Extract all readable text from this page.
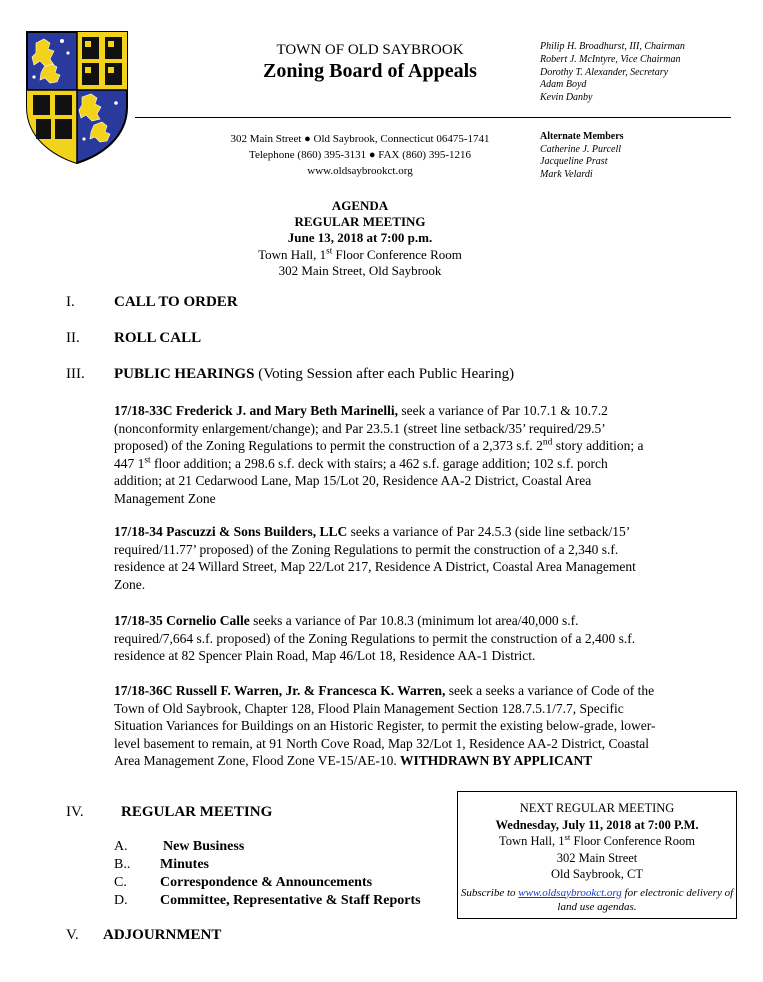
TOWN OF OLD SAYBROOK
Zoning Board of Appeals
Philip H. Broadhurst, III, Chairman
Robert J. McIntyre, Vice Chairman
Dorothy T. Alexander, Secretary
Adam Boyd
Kevin Danby
302 Main Street ● Old Saybrook, Connecticut 06475-1741
Telephone (860) 395-3131 ● FAX (860) 395-1216
www.oldsaybrookct.org
Alternate Members
Catherine J. Purcell
Jacqueline Prast
Mark Velardi
AGENDA
REGULAR MEETING
June 13, 2018 at 7:00 p.m.
Town Hall, 1st Floor Conference Room
302 Main Street, Old Saybrook
I.	CALL TO ORDER
II. ROLL CALL
III. PUBLIC HEARINGS (Voting Session after each Public Hearing)
17/18-33C Frederick J. and Mary Beth Marinelli, seek a variance of Par 10.7.1 & 10.7.2 (nonconformity enlargement/change); and Par 23.5.1 (street line setback/35’ required/29.5’ proposed) of the Zoning Regulations to permit the construction of a 2,373 s.f. 2nd story addition; a 447 1st floor addition; a 298.6 s.f. deck with stairs; a 462 s.f. garage addition; 102 s.f. porch addition; at 21 Cedarwood Lane, Map 15/Lot 20, Residence AA-2 District, Coastal Area Management Zone
17/18-34 Pascuzzi & Sons Builders, LLC seeks a variance of Par 24.5.3 (side line setback/15’ required/11.77’ proposed) of the Zoning Regulations to permit the construction of a 2,340 s.f. residence at 24 Willard Street, Map 22/Lot 217, Residence A District, Coastal Area Management Zone.
17/18-35 Cornelio Calle seeks a variance of Par 10.8.3 (minimum lot area/40,000 s.f. required/7,664 s.f. proposed) of the Zoning Regulations to permit the construction of a 2,400 s.f. residence at 82 Spencer Plain Road, Map 46/Lot 18, Residence AA-1 District.
17/18-36C Russell F. Warren, Jr. & Francesca K. Warren, seek a seeks a variance of Code of the Town of Old Saybrook, Chapter 128, Flood Plain Management Section 128.7.5.1/7.7, Specific Situation Variances for Buildings on an Historic Register, to permit the existing below-grade, lower-level basement to remain, at 91 North Cove Road, Map 32/Lot 1, Residence AA-2 District, Coastal Area Management Zone, Flood Zone VE-15/AE-10. WITHDRAWN BY APPLICANT
IV. REGULAR MEETING
A.	New Business
B.. Minutes
C. Correspondence & Announcements
D. Committee, Representative & Staff Reports
V. ADJOURNMENT
NEXT REGULAR MEETING
Wednesday, July 11, 2018 at 7:00 P.M.
Town Hall, 1st Floor Conference Room
302 Main Street
Old Saybrook, CT
Subscribe to www.oldsaybrookct.org for electronic delivery of land use agendas.
